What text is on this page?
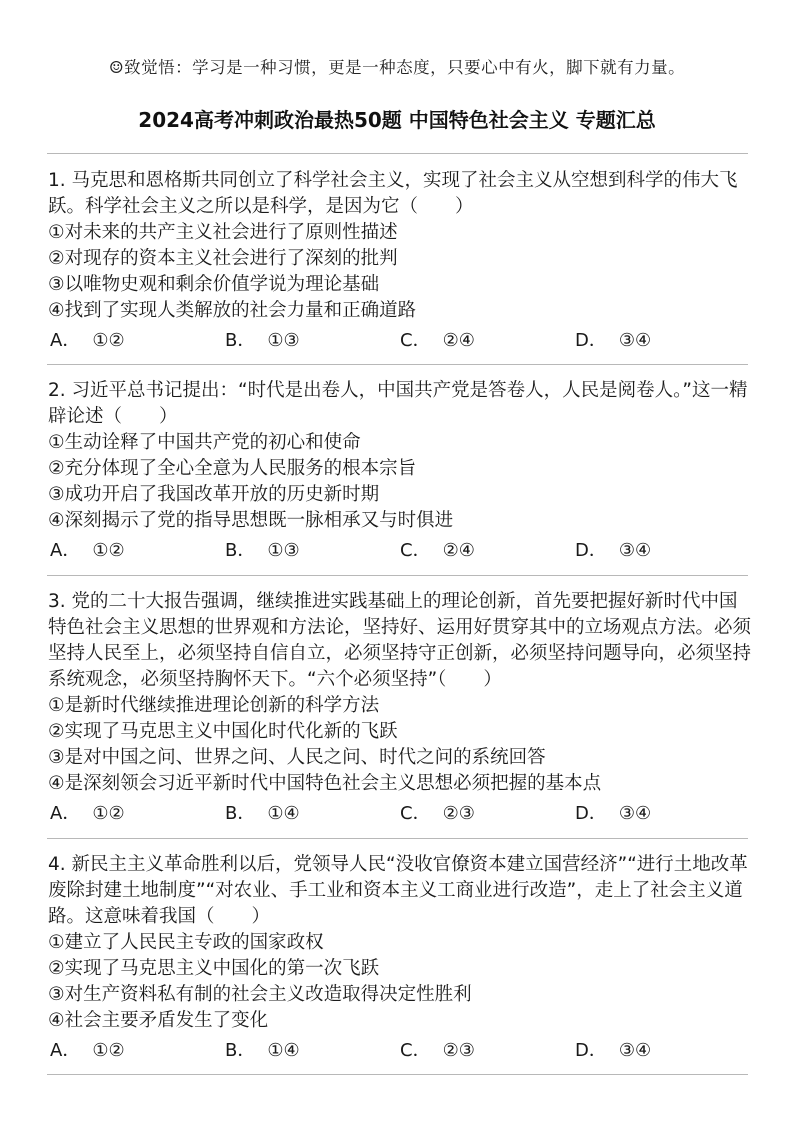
☺致觉悟：学习是一种习惯，更是一种态度，只要心中有火，脚下就有力量。
2024高考冲刺政治最热50题 中国特色社会主义 专题汇总

1. 马克思和恩格斯共同创立了科学社会主义，实现了社会主义从空想到科学的伟大飞跃。科学社会主义之所以是科学，是因为它（　　）

①对未来的共产主义社会进行了原则性描述

②对现存的资本主义社会进行了深刻的批判

③以唯物史观和剩余价值学说为理论基础

④找到了实现人类解放的社会力量和正确道路

A． ①②	B． ①③	C． ②④	D． ③④

2. 习近平总书记提出：“时代是出卷人，中国共产党是答卷人，人民是阅卷人。”这一精辟论述（　　）

①生动诠释了中国共产党的初心和使命

②充分体现了全心全意为人民服务的根本宗旨

③成功开启了我国改革开放的历史新时期

④深刻揭示了党的指导思想既一脉相承又与时俱进

A． ①②	B． ①③	C． ②④	D． ③④

3. 党的二十大报告强调，继续推进实践基础上的理论创新，首先要把握好新时代中国特色社会主义思想的世界观和方法论，坚持好、运用好贯穿其中的立场观点方法。必须坚持人民至上，必须坚持自信自立，必须坚持守正创新，必须坚持问题导向，必须坚持系统观念，必须坚持胸怀天下。“六个必须坚持”（　　）

①是新时代继续推进理论创新的科学方法

②实现了马克思主义中国化时代化新的飞跃

③是对中国之问、世界之问、人民之问、时代之问的系统回答

④是深刻领会习近平新时代中国特色社会主义思想必须把握的基本点

A． ①②	B． ①④	C． ②③	D． ③④

4. 新民主主义革命胜利以后，党领导人民“没收官僚资本建立国营经济”“进行土地改革废除封建土地制度”“对农业、手工业和资本主义工商业进行改造”，走上了社会主义道路。这意味着我国（　　）

①建立了人民民主专政的国家政权

②实现了马克思主义中国化的第一次飞跃

③对生产资料私有制的社会主义改造取得决定性胜利

④社会主要矛盾发生了变化

A． ①②	B． ①④	C． ②③	D． ③④
